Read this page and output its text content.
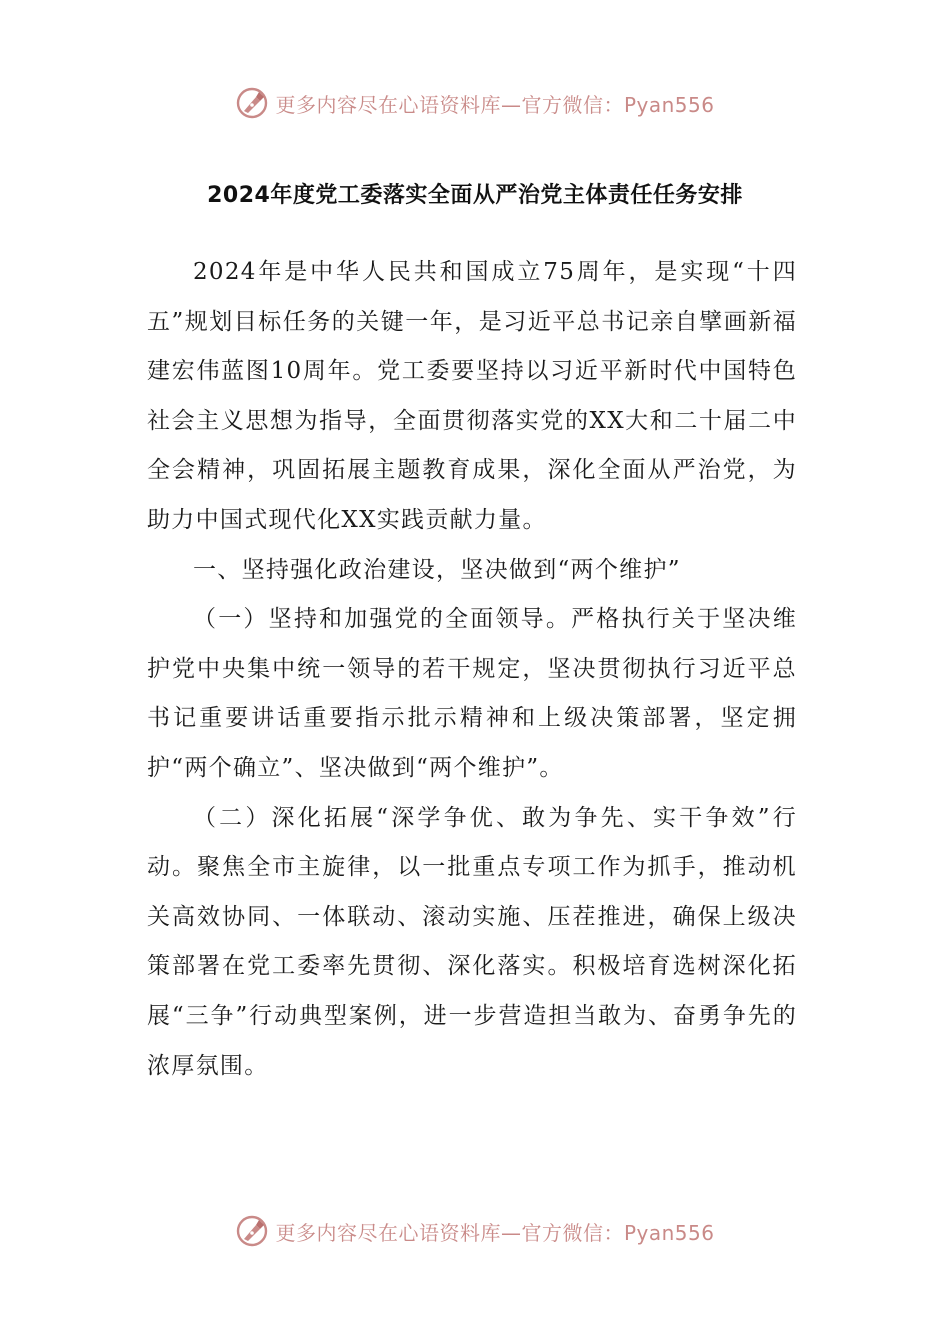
更多内容尽在心语资料库—官方微信：Pyan556
2024年度党工委落实全面从严治党主体责任任务安排

2024年是中华人民共和国成立75周年，是实现“十四五”规划目标任务的关键一年，是习近平总书记亲自擘画新福建宏伟蓝图10周年。党工委要坚持以习近平新时代中国特色社会主义思想为指导，全面贯彻落实党的XX大和二十届二中全会精神，巩固拓展主题教育成果，深化全面从严治党，为助力中国式现代化XX实践贡献力量。

一、坚持强化政治建设，坚决做到“两个维护”

（一）坚持和加强党的全面领导。严格执行关于坚决维护党中央集中统一领导的若干规定，坚决贯彻执行习近平总书记重要讲话重要指示批示精神和上级决策部署，坚定拥护“两个确立”、坚决做到“两个维护”。

（二）深化拓展“深学争优、敢为争先、实干争效”行动。聚焦全市主旋律，以一批重点专项工作为抓手，推动机关高效协同、一体联动、滚动实施、压茬推进，确保上级决策部署在党工委率先贯彻、深化落实。积极培育选树深化拓展“三争”行动典型案例，进一步营造担当敢为、奋勇争先的浓厚氛围。

更多内容尽在心语资料库—官方微信：Pyan556
